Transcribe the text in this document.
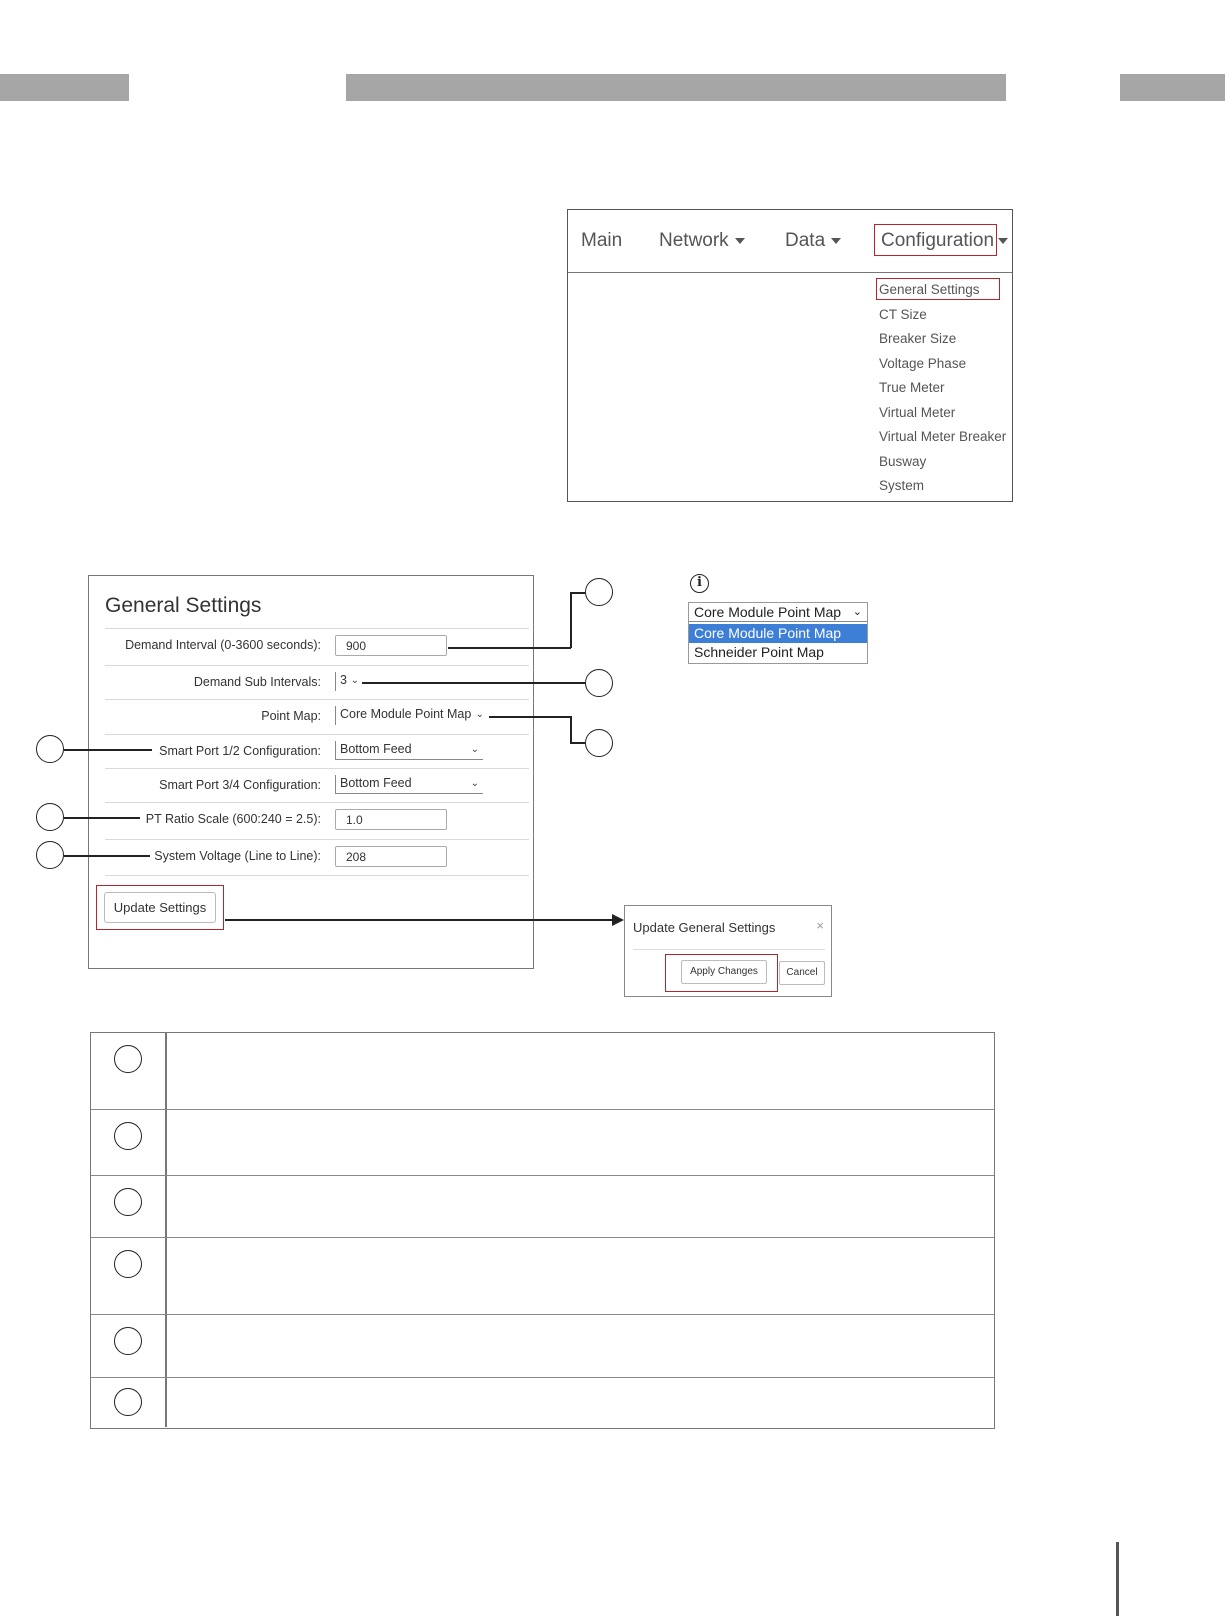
Main Network	Data	Configuration
General Settings
CT Size
Breaker Size
Voltage Phase
True Meter
Virtual Meter
Virtual Meter Breaker
Busway
System
General Settings
Demand Interval (0-3600 seconds):	900
Demand Sub Intervals:	3 ⌄
Point Map:	Core Module Point Map ⌄
Smart Port 1/2 Configuration:	Bottom Feed	⌄
Smart Port 3/4 Configuration:	Bottom Feed	⌄
PT Ratio Scale (600:240 = 2.5):	1.0
System Voltage (Line to Line):	208
Update Settings
i
Core Module Point Map ⌄
Core Module Point Map
Schneider Point Map
Update General Settings	×
Apply Changes	Cancel
